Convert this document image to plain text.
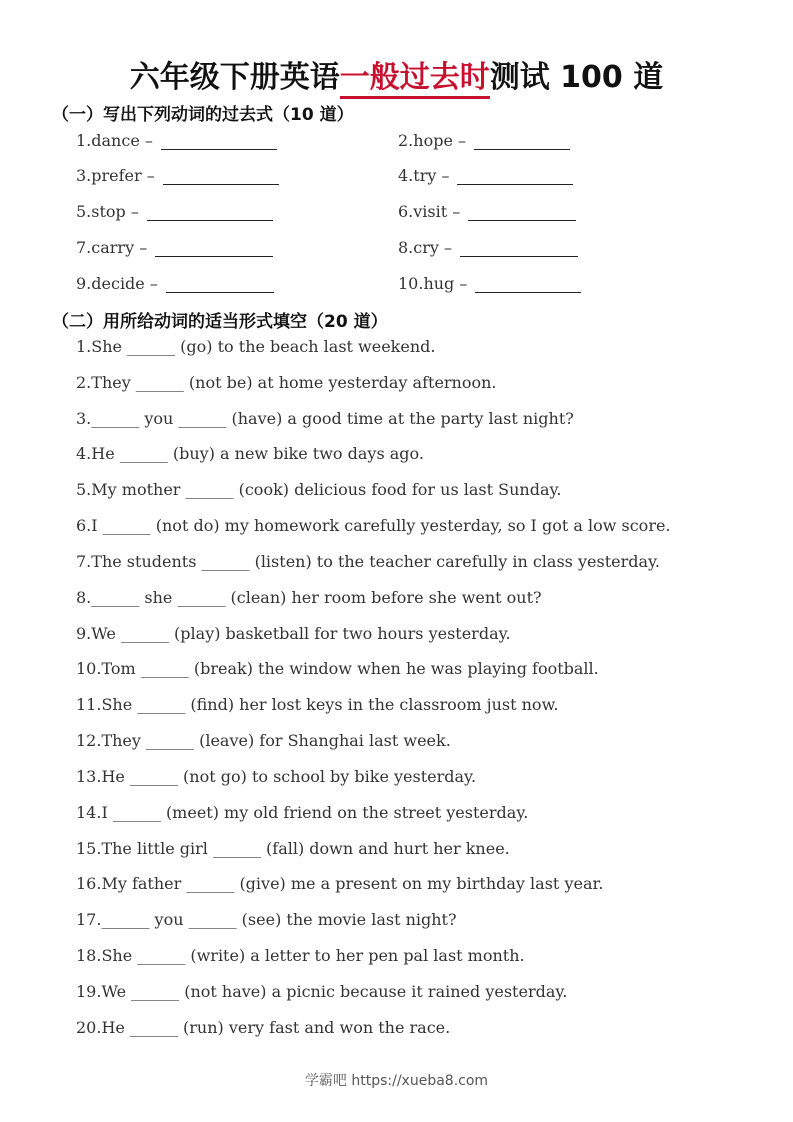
六年级下册英语一般过去时测试 100 道
（一）写出下列动词的过去式（10 道）
1.dance –	2.hope –
3.prefer –	4.try –
5.stop –	6.visit –
7.carry –	8.cry –
9.decide –	10.hug –
（二）用所给动词的适当形式填空（20 道）
1.She ______ (go) to the beach last weekend.
2.They ______ (not be) at home yesterday afternoon.
3.______ you ______ (have) a good time at the party last night?
4.He ______ (buy) a new bike two days ago.
5.My mother ______ (cook) delicious food for us last Sunday.
6.I ______ (not do) my homework carefully yesterday, so I got a low score.
7.The students ______ (listen) to the teacher carefully in class yesterday.
8.______ she ______ (clean) her room before she went out?
9.We ______ (play) basketball for two hours yesterday.
10.Tom ______ (break) the window when he was playing football.
11.She ______ (find) her lost keys in the classroom just now.
12.They ______ (leave) for Shanghai last week.
13.He ______ (not go) to school by bike yesterday.
14.I ______ (meet) my old friend on the street yesterday.
15.The little girl ______ (fall) down and hurt her knee.
16.My father ______ (give) me a present on my birthday last year.
17.______ you ______ (see) the movie last night?
18.She ______ (write) a letter to her pen pal last month.
19.We ______ (not have) a picnic because it rained yesterday.
20.He ______ (run) very fast and won the race.
学霸吧 https://xueba8.com
